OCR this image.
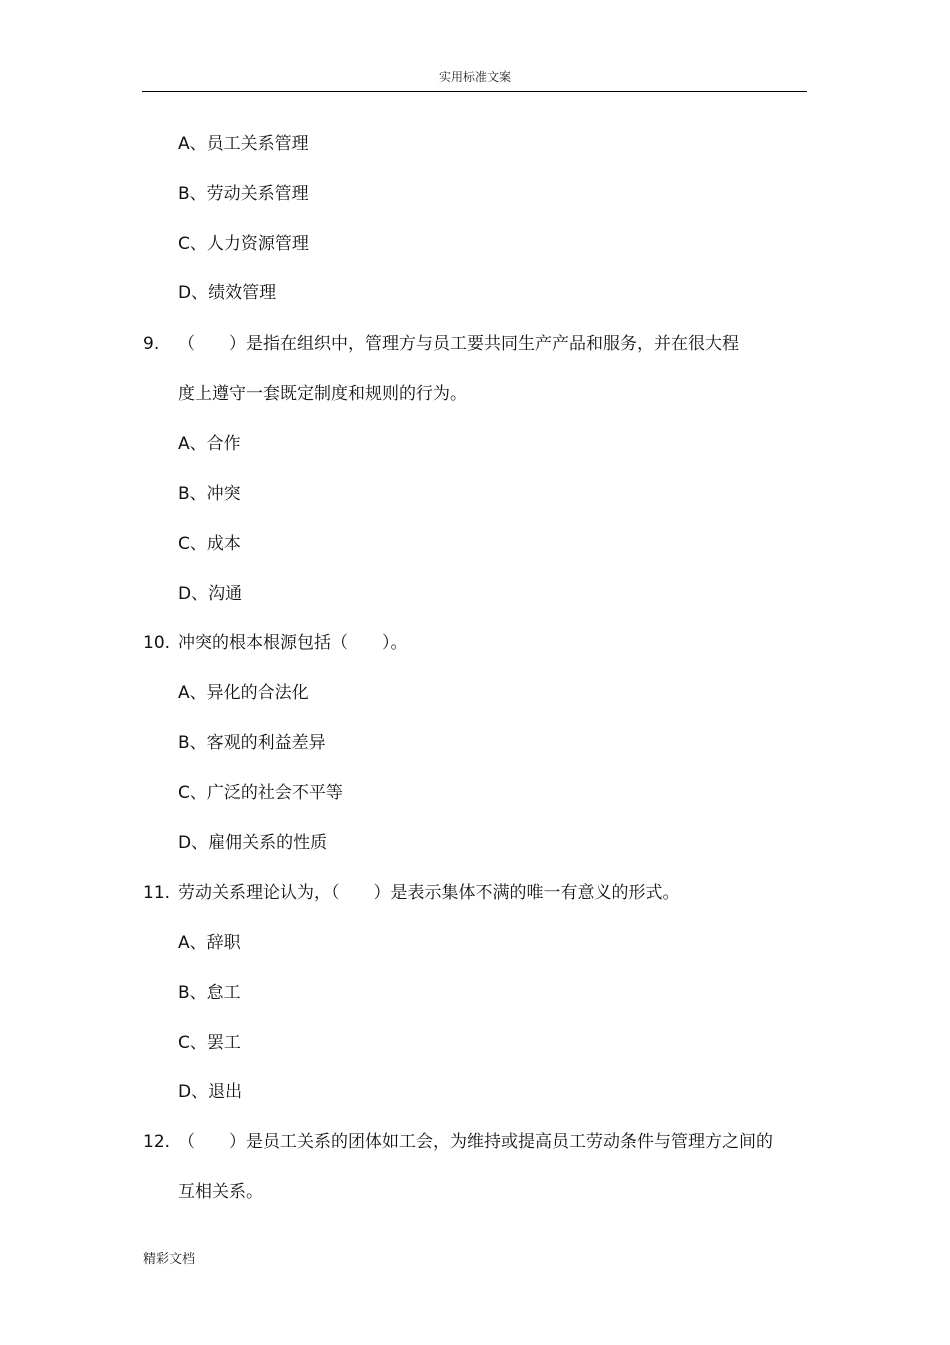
实用标准文案
A、员工关系管理
B、劳动关系管理
C、人力资源管理
D、绩效管理
9. （　　）是指在组织中，管理方与员工要共同生产产品和服务，并在很大程
度上遵守一套既定制度和规则的行为。
A、合作
B、冲突
C、成本
D、沟通
10. 冲突的根本根源包括（　　）。
A、异化的合法化
B、客观的利益差异
C、广泛的社会不平等
D、雇佣关系的性质
11. 劳动关系理论认为，（　　）是表示集体不满的唯一有意义的形式。
A、辞职
B、怠工
C、罢工
D、退出
12. （　　）是员工关系的团体如工会，为维持或提高员工劳动条件与管理方之间的
互相关系。
精彩文档
